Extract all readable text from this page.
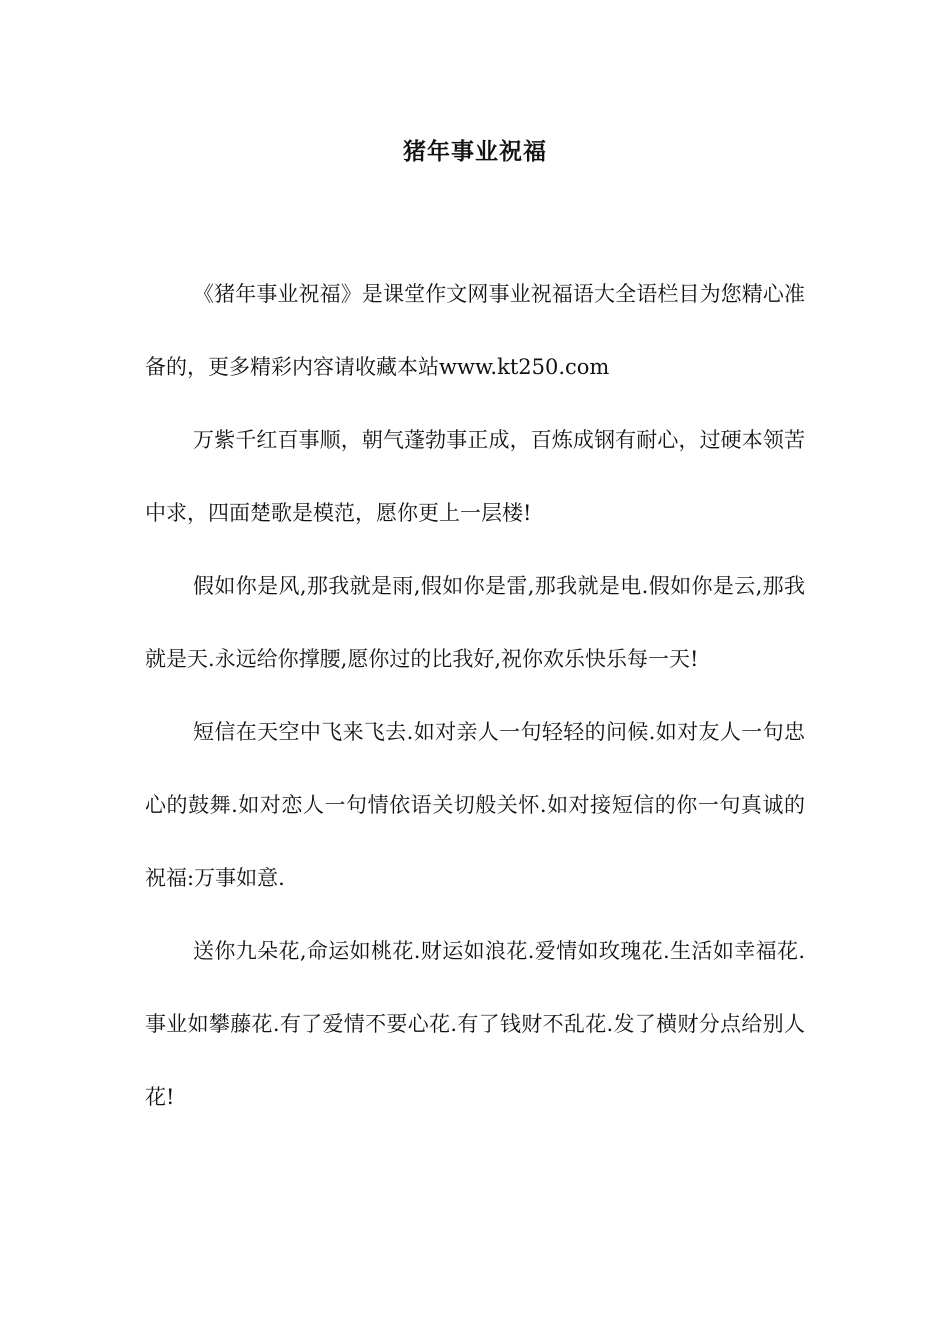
猪年事业祝福

《猪年事业祝福》是课堂作文网事业祝福语大全语栏目为您精心准备的，更多精彩内容请收藏本站www.kt250.com

万紫千红百事顺，朝气蓬勃事正成，百炼成钢有耐心，过硬本领苦中求，四面楚歌是模范，愿你更上一层楼!

假如你是风,那我就是雨,假如你是雷,那我就是电.假如你是云,那我就是天.永远给你撑腰,愿你过的比我好,祝你欢乐快乐每一天!

短信在天空中飞来飞去.如对亲人一句轻轻的问候.如对友人一句忠心的鼓舞.如对恋人一句情依语关切般关怀.如对接短信的你一句真诚的祝福:万事如意.

送你九朵花,命运如桃花.财运如浪花.爱情如玫瑰花.生活如幸福花.事业如攀藤花.有了爱情不要心花.有了钱财不乱花.发了横财分点给别人花!
